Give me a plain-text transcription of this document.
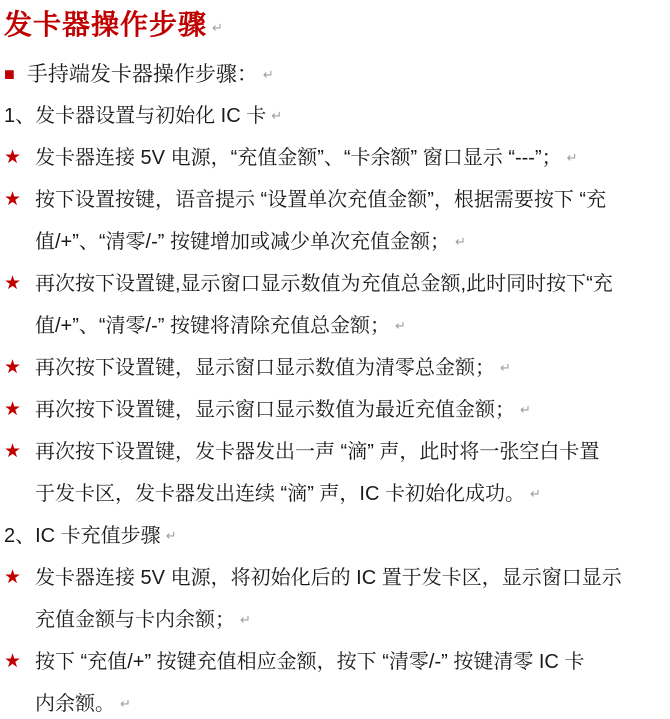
发卡器操作步骤 ↵
■ 手持端发卡器操作步骤： ↵
1、发卡器设置与初始化 IC 卡 ↵
★ 发卡器连接 5V 电源，“充值金额”、“卡余额” 窗口显示 “---”； ↵
★ 按下设置按键，语音提示 “设置单次充值金额”，根据需要按下 “充
值/+”、“清零/-” 按键增加或减少单次充值金额； ↵
★ 再次按下设置键,显示窗口显示数值为充值总金额,此时同时按下“充
值/+”、“清零/-” 按键将清除充值总金额； ↵
★ 再次按下设置键，显示窗口显示数值为清零总金额； ↵
★ 再次按下设置键，显示窗口显示数值为最近充值金额； ↵
★ 再次按下设置键，发卡器发出一声 “滴” 声，此时将一张空白卡置
于发卡区，发卡器发出连续 “滴” 声，IC 卡初始化成功。 ↵
2、IC 卡充值步骤 ↵
★ 发卡器连接 5V 电源，将初始化后的 IC 置于发卡区，显示窗口显示
充值金额与卡内余额； ↵
★ 按下 “充值/+” 按键充值相应金额，按下 “清零/-” 按键清零 IC 卡
内余额。 ↵
